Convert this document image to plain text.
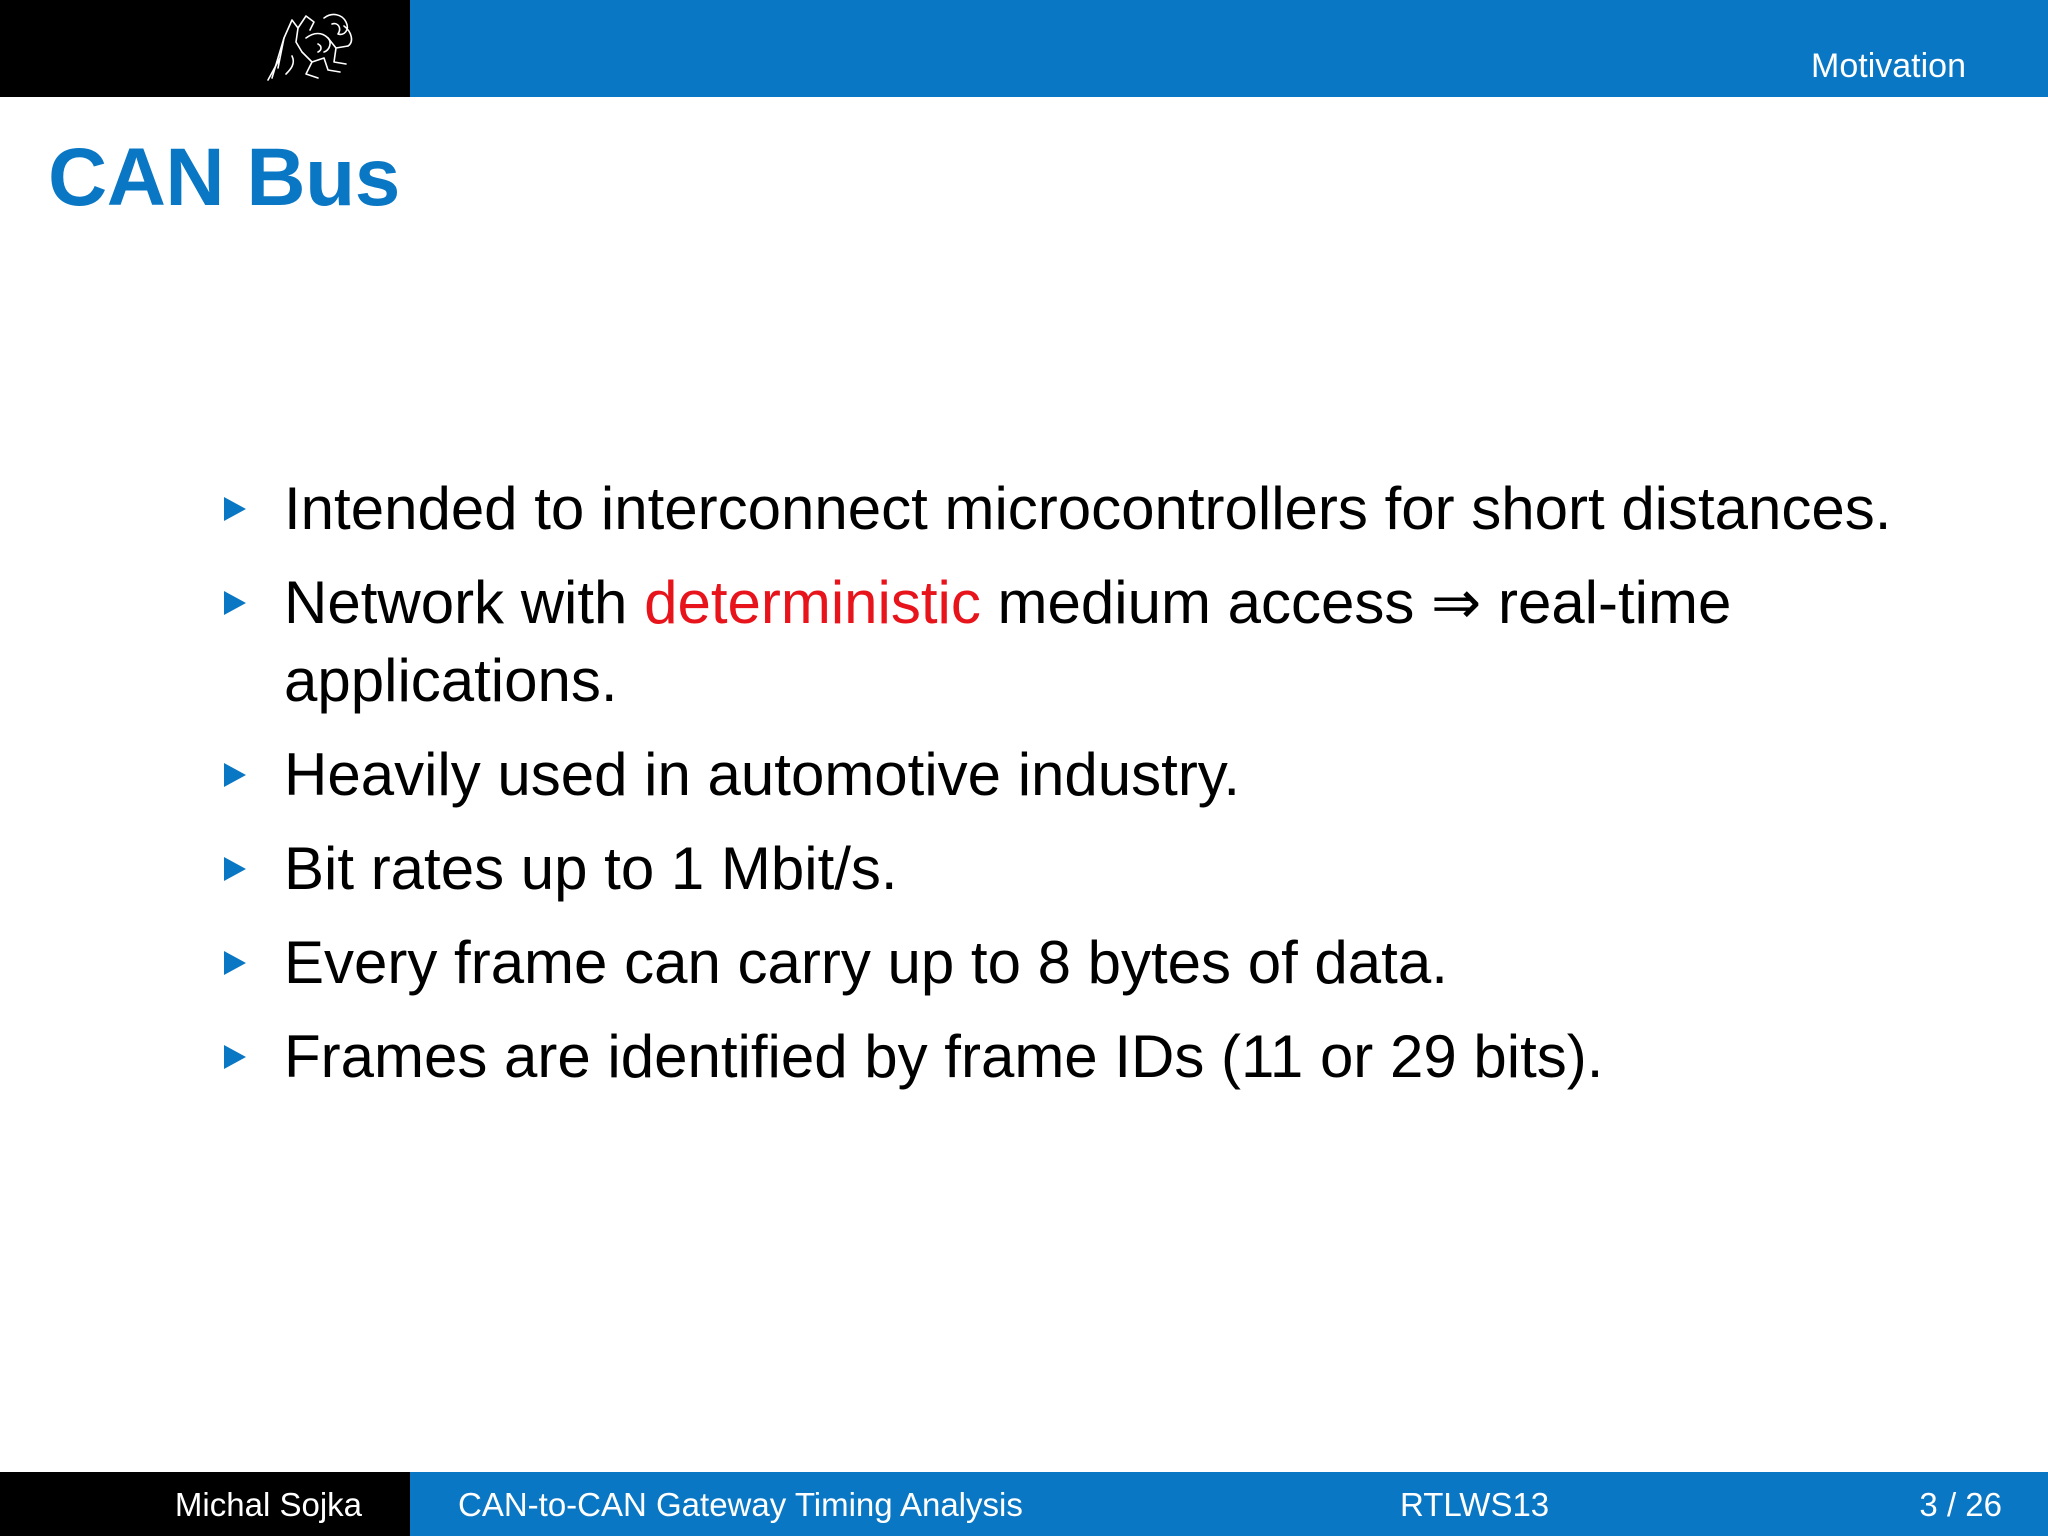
Motivation
CAN Bus
Intended to interconnect microcontrollers for short distances.
Network with deterministic medium access ⇒ real-time applications.
Heavily used in automotive industry.
Bit rates up to 1 Mbit/s.
Every frame can carry up to 8 bytes of data.
Frames are identified by frame IDs (11 or 29 bits).
Michal Sojka	CAN-to-CAN Gateway Timing Analysis	RTLWS13	3 / 26
